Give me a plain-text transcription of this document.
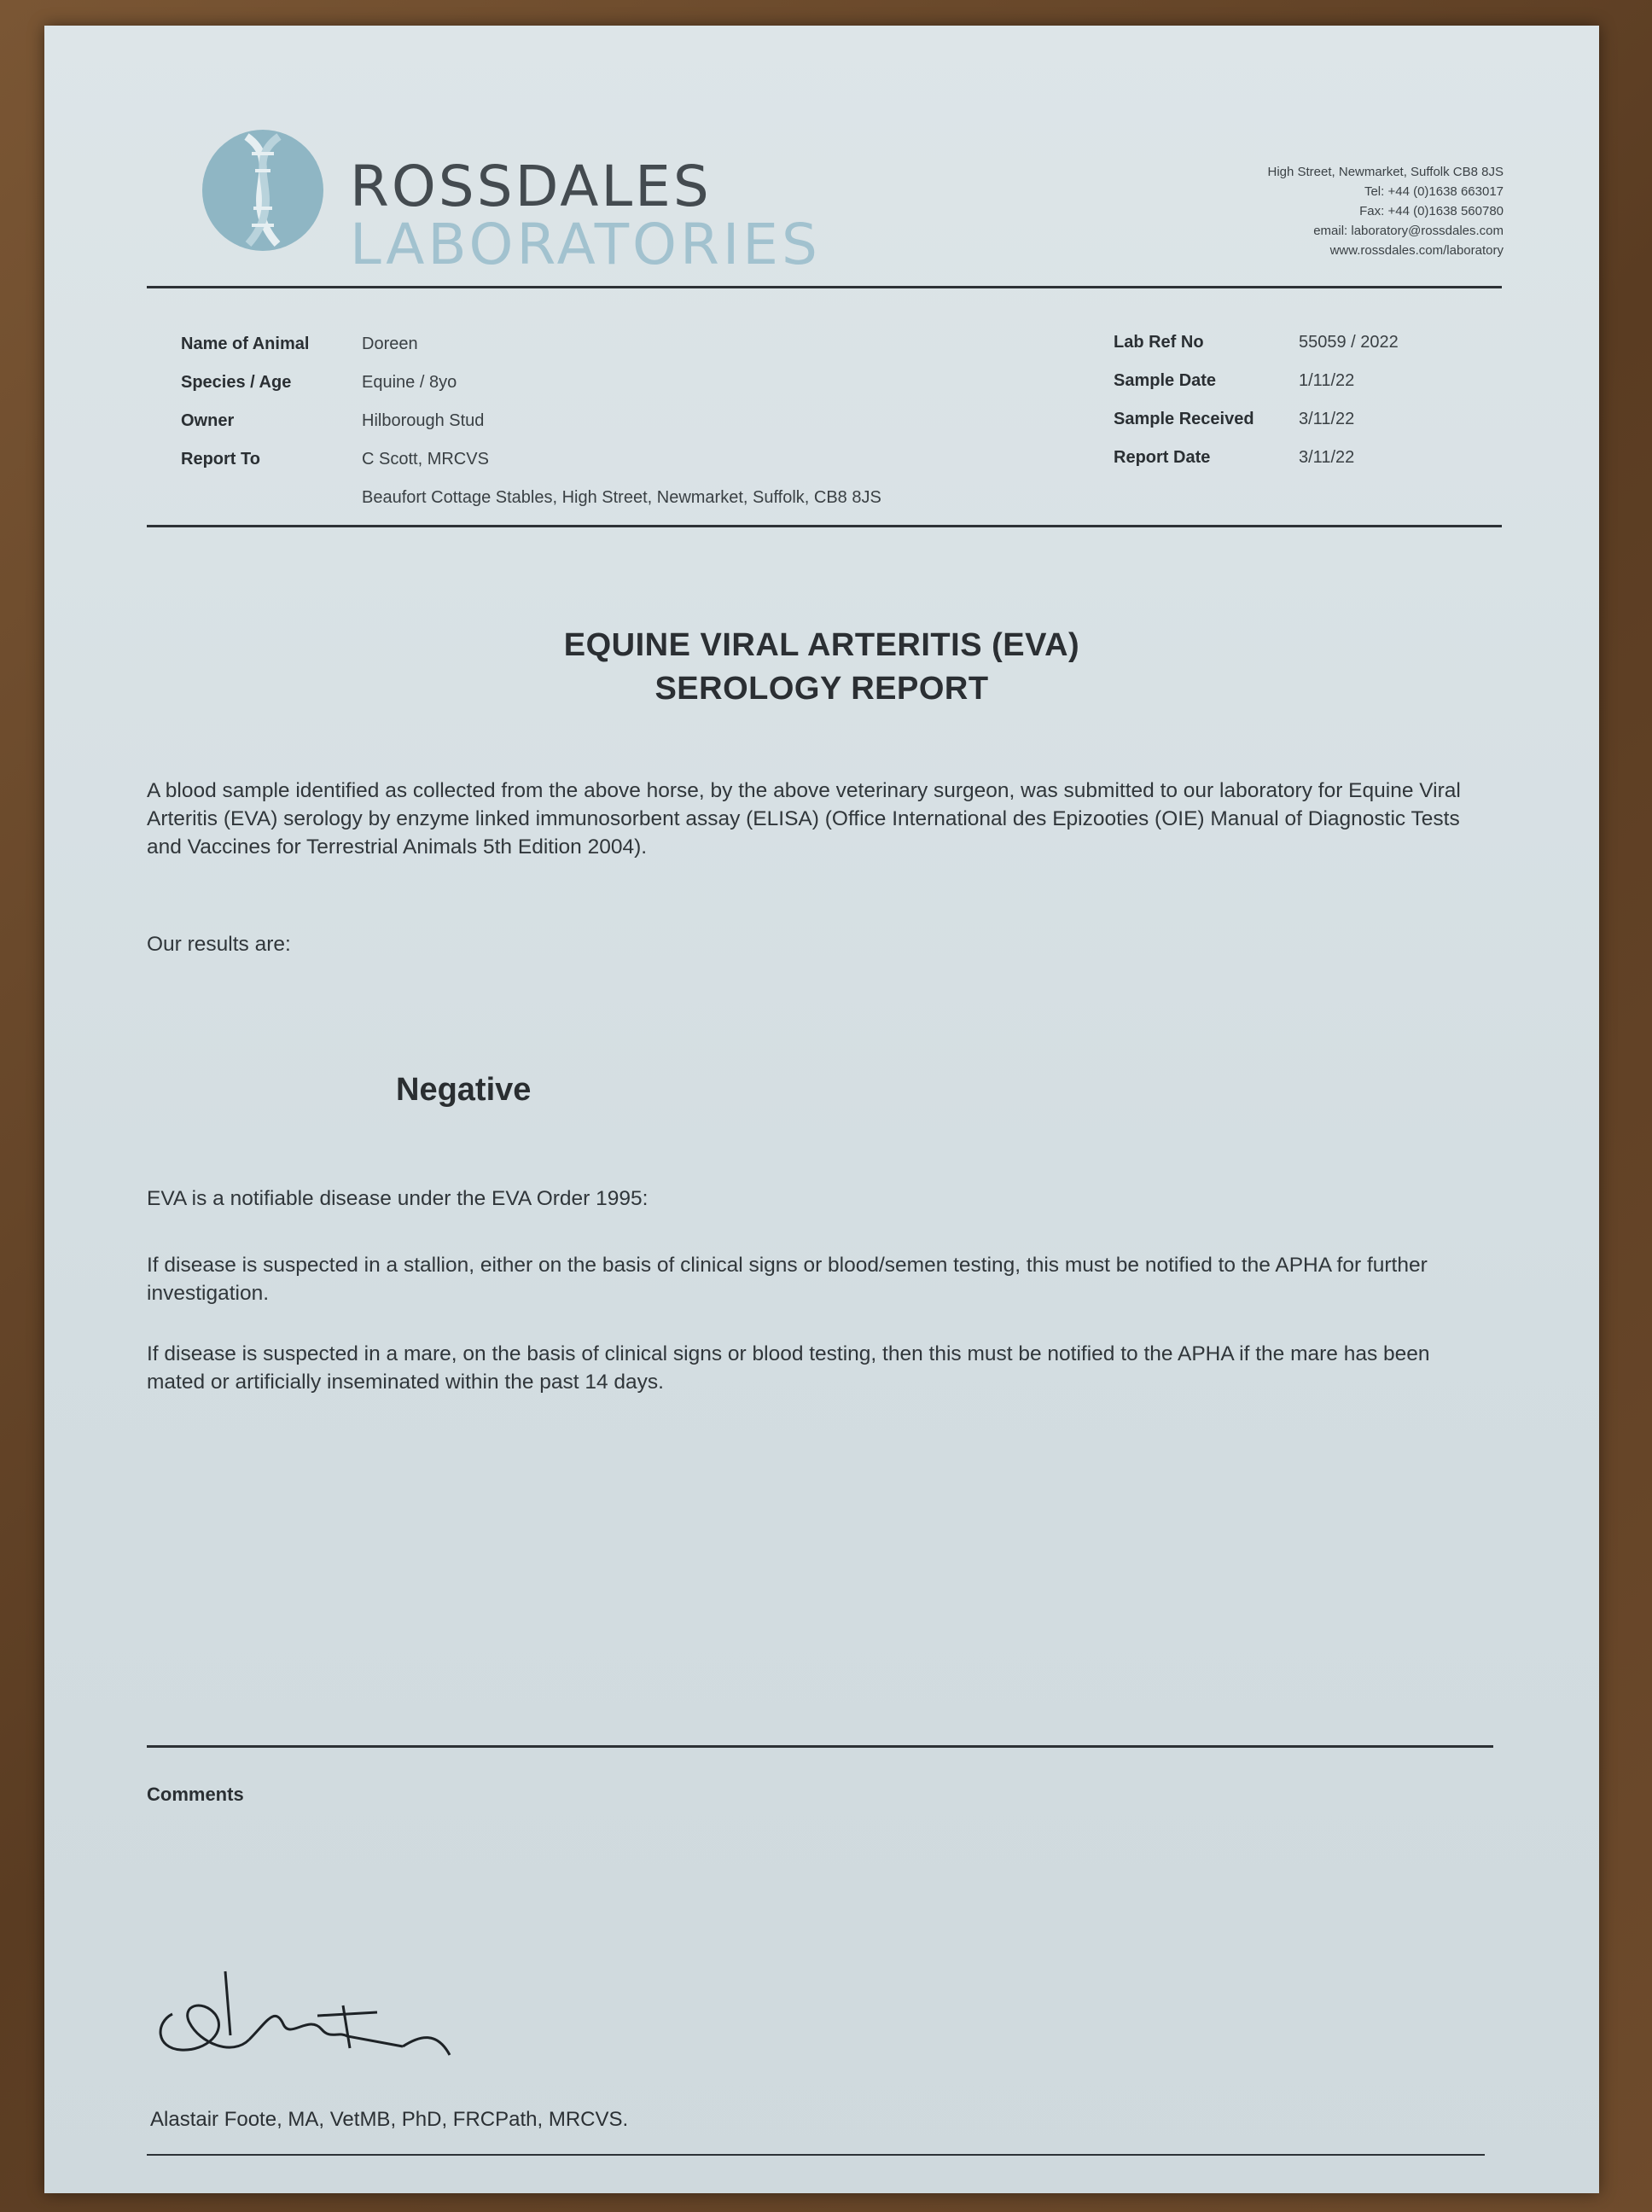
ROSSDALES
LABORATORIES
High Street, Newmarket, Suffolk CB8 8JS
Tel: +44 (0)1638 663017
Fax: +44 (0)1638 560780
email: laboratory@rossdales.com
www.rossdales.com/laboratory
Name of Animal	Doreen
Species / Age	Equine / 8yo
Owner	Hilborough Stud
Report To	C Scott, MRCVS
Beaufort Cottage Stables, High Street, Newmarket, Suffolk, CB8 8JS
Lab Ref No	55059 / 2022
Sample Date	1/11/22
Sample Received	3/11/22
Report Date	3/11/22
EQUINE VIRAL ARTERITIS (EVA)
SEROLOGY REPORT
A blood sample identified as collected from the above horse, by the above veterinary surgeon, was submitted to our laboratory for Equine Viral Arteritis (EVA) serology by enzyme linked immunosorbent assay (ELISA) (Office International des Epizooties (OIE) Manual of Diagnostic Tests and Vaccines for Terrestrial Animals 5th Edition 2004).
Our results are:
Negative
EVA is a notifiable disease under the EVA Order 1995:
If disease is suspected in a stallion, either on the basis of clinical signs or blood/semen testing, this must be notified to the APHA for further investigation.
If disease is suspected in a mare, on the basis of clinical signs or blood testing, then this must be notified to the APHA if the mare has been mated or artificially inseminated within the past 14 days.
Comments
Alastair Foote, MA, VetMB, PhD, FRCPath, MRCVS.
